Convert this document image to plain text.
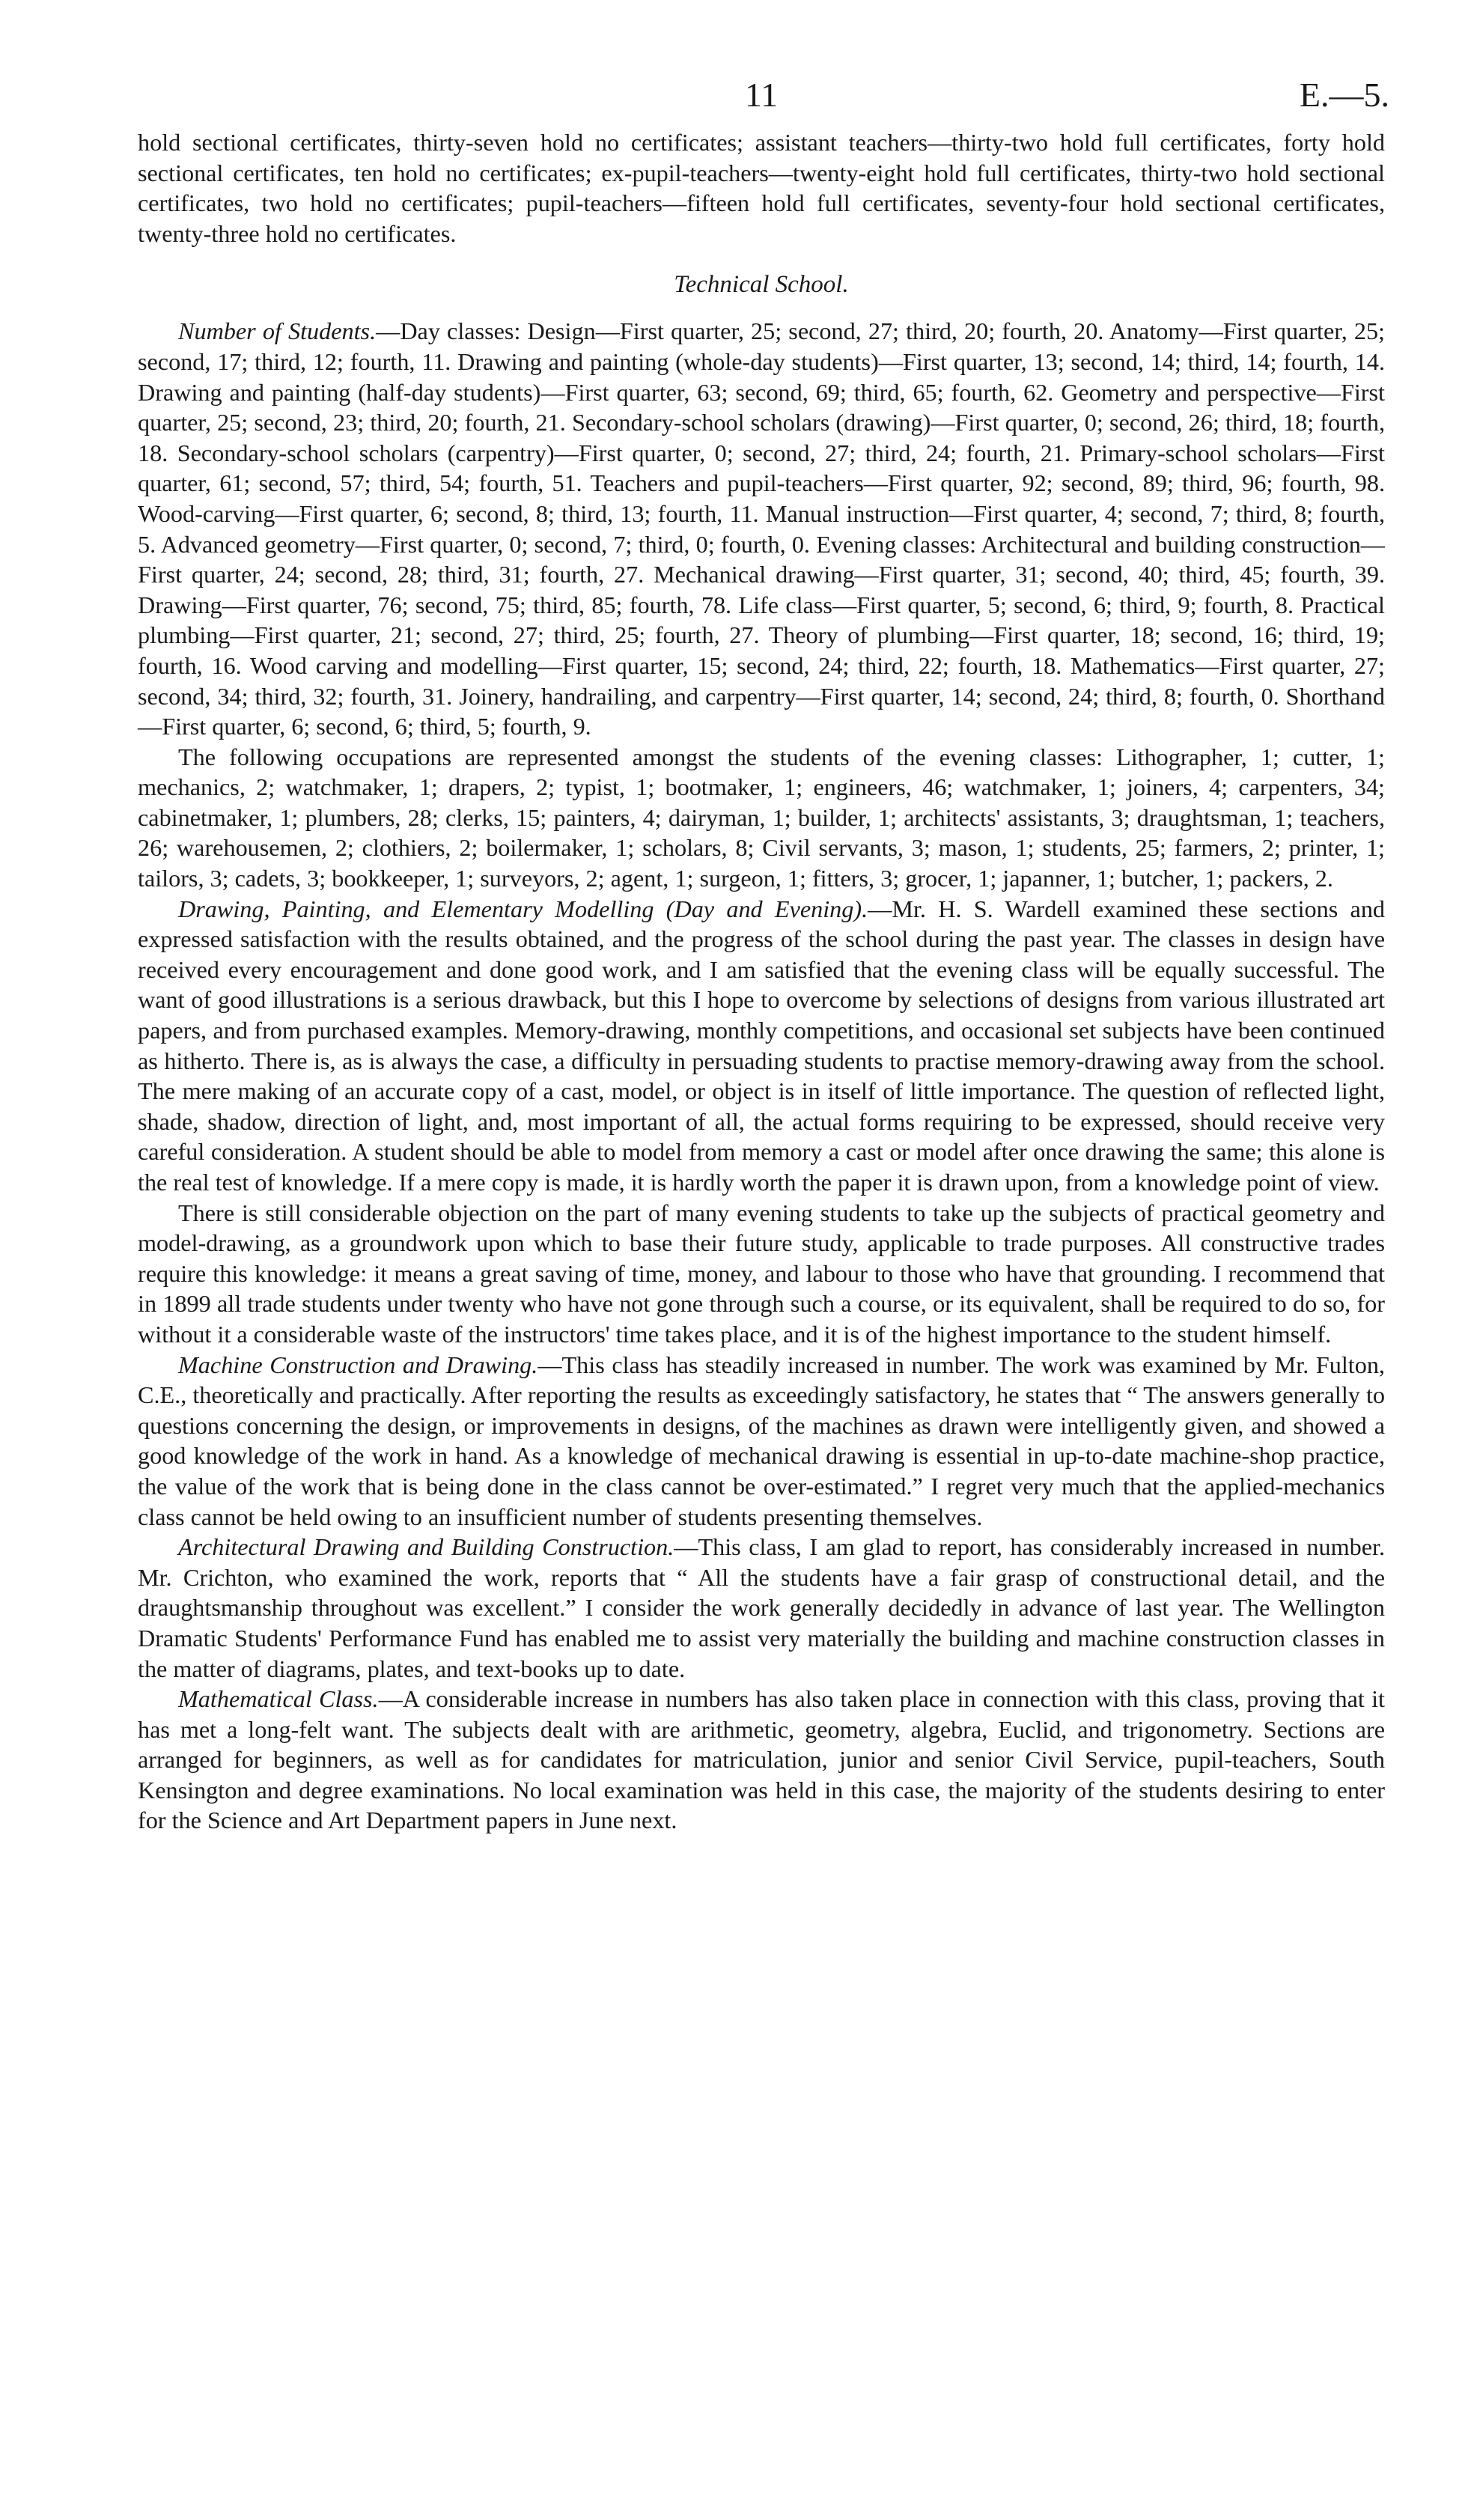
11	E.—5.

hold sectional certificates, thirty-seven hold no certificates; assistant teachers—thirty-two hold full certificates, forty hold sectional certificates, ten hold no certificates; ex-pupil-teachers—twenty-eight hold full certificates, thirty-two hold sectional certificates, two hold no certificates; pupil-teachers—fifteen hold full certificates, seventy-four hold sectional certificates, twenty-three hold no certificates.

Technical School.

Number of Students.—Day classes: Design—First quarter, 25; second, 27; third, 20; fourth, 20. Anatomy—First quarter, 25; second, 17; third, 12; fourth, 11. Drawing and painting (whole-day students)—First quarter, 13; second, 14; third, 14; fourth, 14. Drawing and painting (half-day students)—First quarter, 63; second, 69; third, 65; fourth, 62. Geometry and perspective—First quarter, 25; second, 23; third, 20; fourth, 21. Secondary-school scholars (drawing)—First quarter, 0; second, 26; third, 18; fourth, 18. Secondary-school scholars (carpentry)—First quarter, 0; second, 27; third, 24; fourth, 21. Primary-school scholars—First quarter, 61; second, 57; third, 54; fourth, 51. Teachers and pupil-teachers—First quarter, 92; second, 89; third, 96; fourth, 98. Wood-carving—First quarter, 6; second, 8; third, 13; fourth, 11. Manual instruction—First quarter, 4; second, 7; third, 8; fourth, 5. Advanced geometry—First quarter, 0; second, 7; third, 0; fourth, 0. Evening classes: Architectural and building construction—First quarter, 24; second, 28; third, 31; fourth, 27. Mechanical drawing—First quarter, 31; second, 40; third, 45; fourth, 39. Drawing—First quarter, 76; second, 75; third, 85; fourth, 78. Life class—First quarter, 5; second, 6; third, 9; fourth, 8. Practical plumbing—First quarter, 21; second, 27; third, 25; fourth, 27. Theory of plumbing—First quarter, 18; second, 16; third, 19; fourth, 16. Wood carving and modelling—First quarter, 15; second, 24; third, 22; fourth, 18. Mathematics—First quarter, 27; second, 34; third, 32; fourth, 31. Joinery, handrailing, and carpentry—First quarter, 14; second, 24; third, 8; fourth, 0. Shorthand—First quarter, 6; second, 6; third, 5; fourth, 9.

The following occupations are represented amongst the students of the evening classes: Lithographer, 1; cutter, 1; mechanics, 2; watchmaker, 1; drapers, 2; typist, 1; bootmaker, 1; engineers, 46; watchmaker, 1; joiners, 4; carpenters, 34; cabinetmaker, 1; plumbers, 28; clerks, 15; painters, 4; dairyman, 1; builder, 1; architects' assistants, 3; draughtsman, 1; teachers, 26; warehousemen, 2; clothiers, 2; boilermaker, 1; scholars, 8; Civil servants, 3; mason, 1; students, 25; farmers, 2; printer, 1; tailors, 3; cadets, 3; bookkeeper, 1; surveyors, 2; agent, 1; surgeon, 1; fitters, 3; grocer, 1; japanner, 1; butcher, 1; packers, 2.

Drawing, Painting, and Elementary Modelling (Day and Evening).—Mr. H. S. Wardell examined these sections and expressed satisfaction with the results obtained, and the progress of the school during the past year. The classes in design have received every encouragement and done good work, and I am satisfied that the evening class will be equally successful. The want of good illustrations is a serious drawback, but this I hope to overcome by selections of designs from various illustrated art papers, and from purchased examples. Memory-drawing, monthly competitions, and occasional set subjects have been continued as hitherto. There is, as is always the case, a difficulty in persuading students to practise memory-drawing away from the school. The mere making of an accurate copy of a cast, model, or object is in itself of little importance. The question of reflected light, shade, shadow, direction of light, and, most important of all, the actual forms requiring to be expressed, should receive very careful consideration. A student should be able to model from memory a cast or model after once drawing the same; this alone is the real test of knowledge. If a mere copy is made, it is hardly worth the paper it is drawn upon, from a knowledge point of view.

There is still considerable objection on the part of many evening students to take up the subjects of practical geometry and model-drawing, as a groundwork upon which to base their future study, applicable to trade purposes. All constructive trades require this knowledge: it means a great saving of time, money, and labour to those who have that grounding. I recommend that in 1899 all trade students under twenty who have not gone through such a course, or its equivalent, shall be required to do so, for without it a considerable waste of the instructors' time takes place, and it is of the highest importance to the student himself.

Machine Construction and Drawing.—This class has steadily increased in number. The work was examined by Mr. Fulton, C.E., theoretically and practically. After reporting the results as exceedingly satisfactory, he states that “ The answers generally to questions concerning the design, or improvements in designs, of the machines as drawn were intelligently given, and showed a good knowledge of the work in hand. As a knowledge of mechanical drawing is essential in up-to-date machine-shop practice, the value of the work that is being done in the class cannot be over-estimated.” I regret very much that the applied-mechanics class cannot be held owing to an insufficient number of students presenting themselves.

Architectural Drawing and Building Construction.—This class, I am glad to report, has considerably increased in number. Mr. Crichton, who examined the work, reports that “ All the students have a fair grasp of constructional detail, and the draughtsmanship throughout was excellent.” I consider the work generally decidedly in advance of last year. The Wellington Dramatic Students' Performance Fund has enabled me to assist very materially the building and machine construction classes in the matter of diagrams, plates, and text-books up to date.

Mathematical Class.—A considerable increase in numbers has also taken place in connection with this class, proving that it has met a long-felt want. The subjects dealt with are arithmetic, geometry, algebra, Euclid, and trigonometry. Sections are arranged for beginners, as well as for candidates for matriculation, junior and senior Civil Service, pupil-teachers, South Kensington and degree examinations. No local examination was held in this case, the majority of the students desiring to enter for the Science and Art Department papers in June next.
